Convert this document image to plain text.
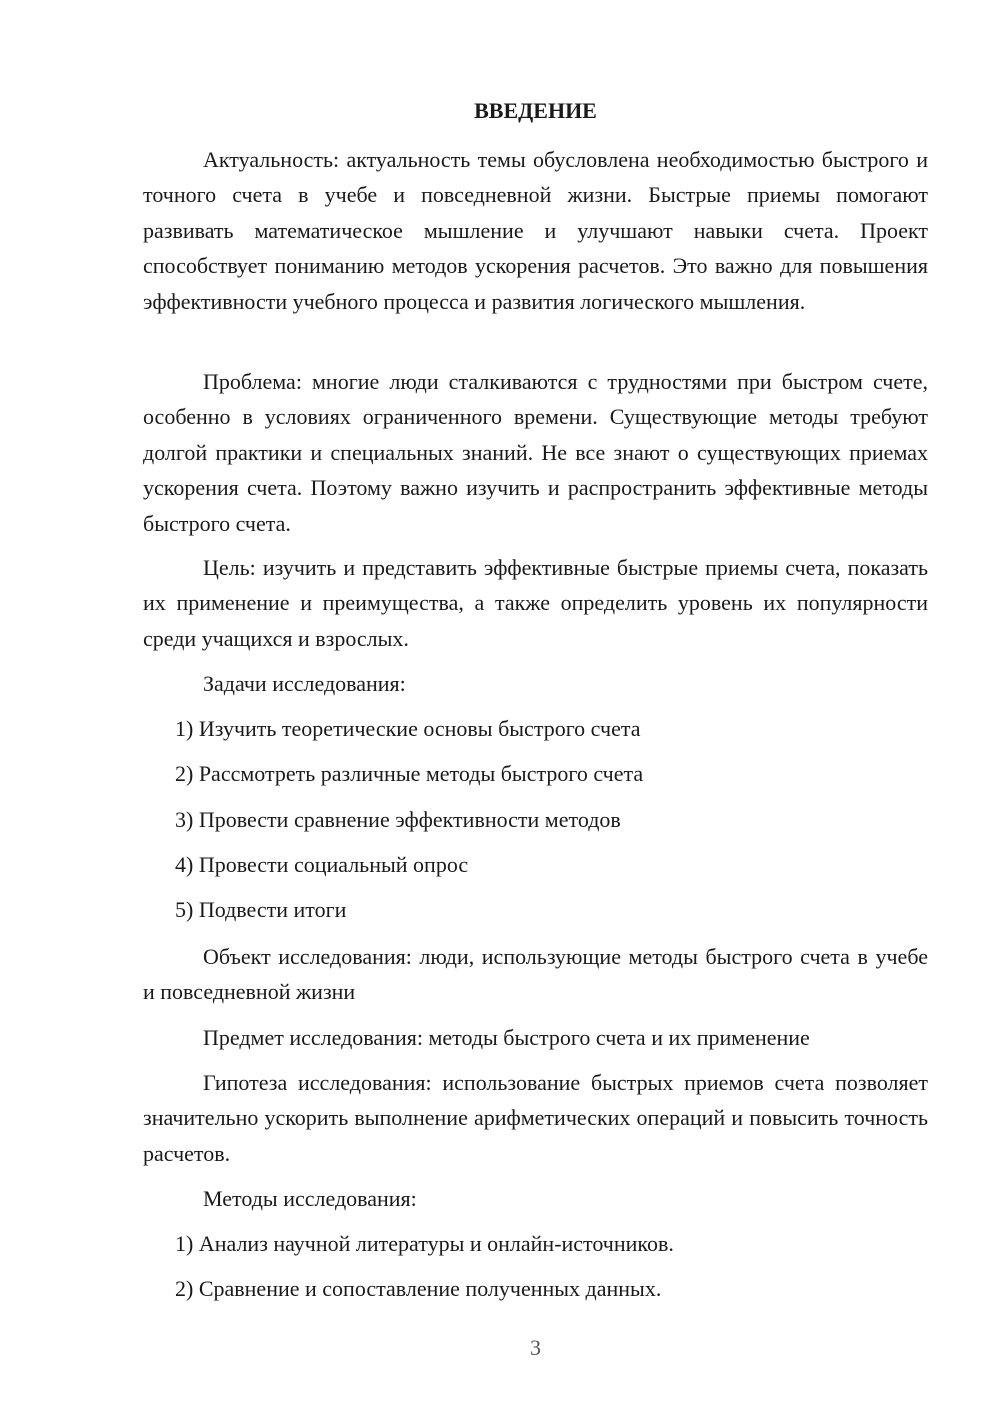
ВВЕДЕНИЕ

Актуальность: актуальность темы обусловлена необходимостью быстрого и точного счета в учебе и повседневной жизни. Быстрые приемы помогают развивать математическое мышление и улучшают навыки счета. Проект способствует пониманию методов ускорения расчетов. Это важно для повышения эффективности учебного процесса и развития логического мышления.

Проблема: многие люди сталкиваются с трудностями при быстром счете, особенно в условиях ограниченного времени. Существующие методы требуют долгой практики и специальных знаний. Не все знают о существующих приемах ускорения счета. Поэтому важно изучить и распространить эффективные методы быстрого счета.

Цель: изучить и представить эффективные быстрые приемы счета, показать их применение и преимущества, а также определить уровень их популярности среди учащихся и взрослых.

Задачи исследования:

1) Изучить теоретические основы быстрого счета

2) Рассмотреть различные методы быстрого счета

3) Провести сравнение эффективности методов

4) Провести социальный опрос

5) Подвести итоги

Объект исследования: люди, использующие методы быстрого счета в учебе и повседневной жизни

Предмет исследования: методы быстрого счета и их применение

Гипотеза исследования: использование быстрых приемов счета позволяет значительно ускорить выполнение арифметических операций и повысить точность расчетов.

Методы исследования:

1) Анализ научной литературы и онлайн-источников.

2) Сравнение и сопоставление полученных данных.

3
